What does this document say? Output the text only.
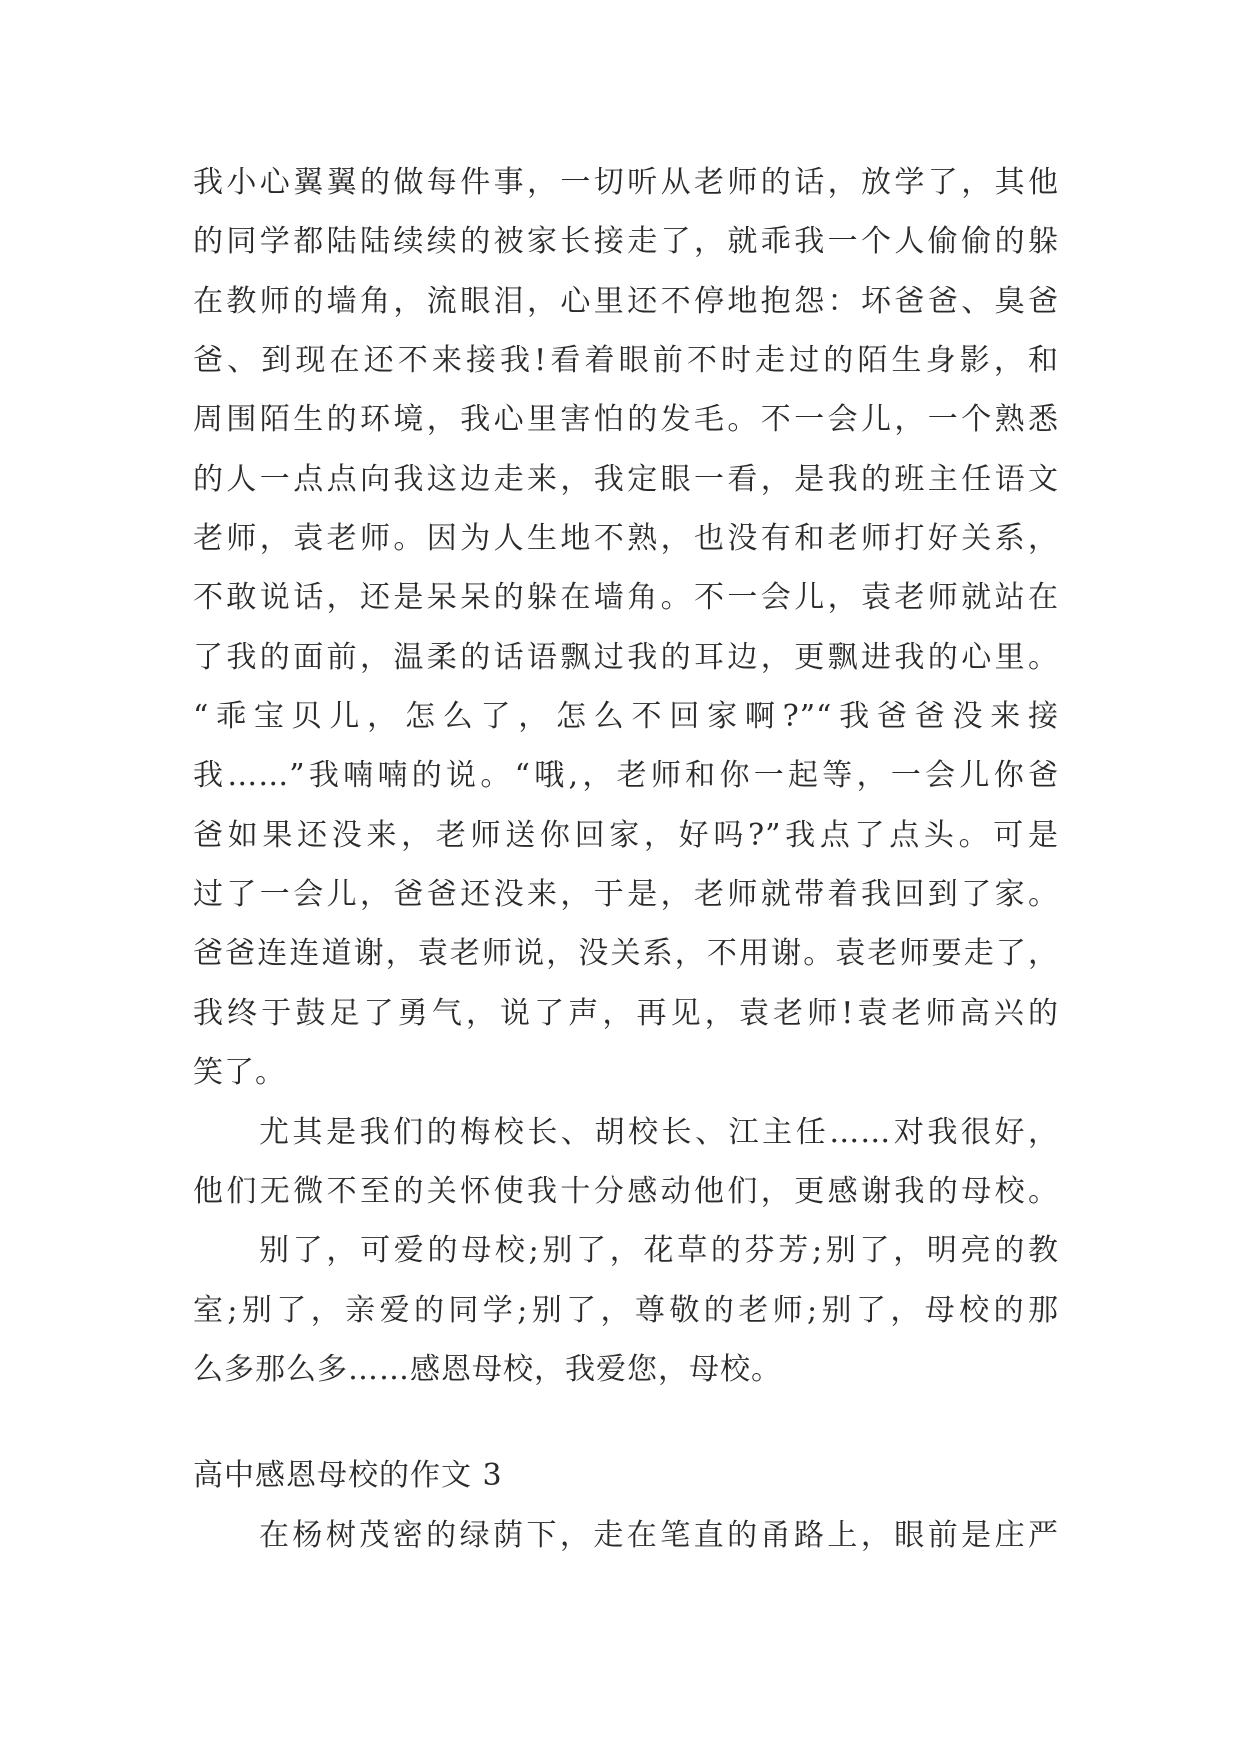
我小心翼翼的做每件事，一切听从老师的话，放学了，其他
的同学都陆陆续续的被家长接走了，就乖我一个人偷偷的躲
在教师的墙角，流眼泪，心里还不停地抱怨：坏爸爸、臭爸
爸、到现在还不来接我!看着眼前不时走过的陌生身影，和
周围陌生的环境，我心里害怕的发毛。不一会儿，一个熟悉
的人一点点向我这边走来，我定眼一看，是我的班主任语文
老师，袁老师。因为人生地不熟，也没有和老师打好关系，
不敢说话，还是呆呆的躲在墙角。不一会儿，袁老师就站在
了我的面前，温柔的话语飘过我的耳边，更飘进我的心里。
“乖宝贝儿，怎么了，怎么不回家啊?”“我爸爸没来接
我……”我喃喃的说。“哦,，老师和你一起等，一会儿你爸
爸如果还没来，老师送你回家，好吗?”我点了点头。可是
过了一会儿，爸爸还没来，于是，老师就带着我回到了家。
爸爸连连道谢，袁老师说，没关系，不用谢。袁老师要走了，
我终于鼓足了勇气，说了声，再见，袁老师!袁老师高兴的
笑了。
尤其是我们的梅校长、胡校长、江主任……对我很好，
他们无微不至的关怀使我十分感动他们，更感谢我的母校。
别了，可爱的母校;别了，花草的芬芳;别了，明亮的教
室;别了，亲爱的同学;别了，尊敬的老师;别了，母校的那
么多那么多……感恩母校，我爱您，母校。
高中感恩母校的作文 3
在杨树茂密的绿荫下，走在笔直的甬路上，眼前是庄严
